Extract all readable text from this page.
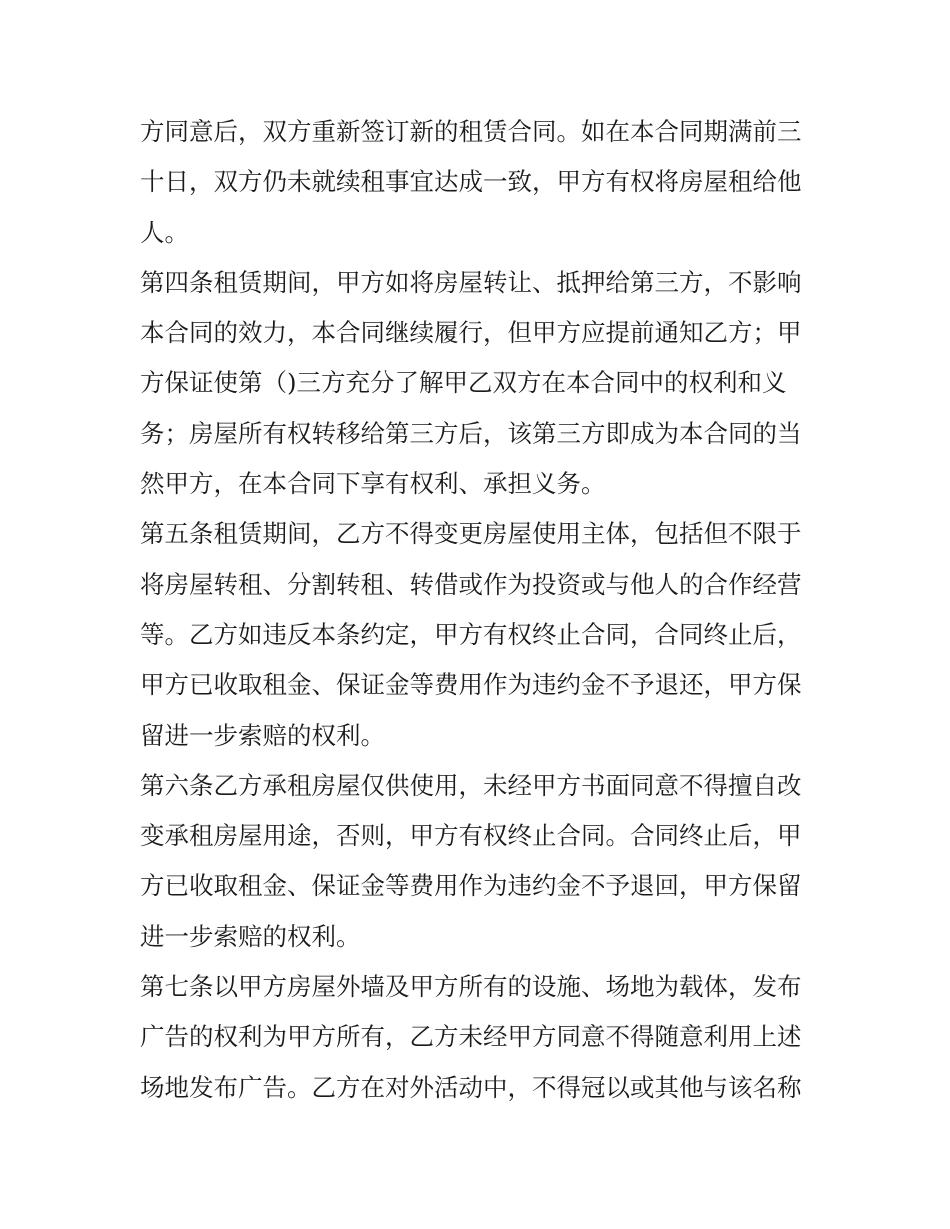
方同意后，双方重新签订新的租赁合同。如在本合同期满前三
十日，双方仍未就续租事宜达成一致，甲方有权将房屋租给他
人。
第四条租赁期间，甲方如将房屋转让、抵押给第三方，不影响
本合同的效力，本合同继续履行，但甲方应提前通知乙方；甲
方保证使第（)三方充分了解甲乙双方在本合同中的权利和义
务；房屋所有权转移给第三方后，该第三方即成为本合同的当
然甲方，在本合同下享有权利、承担义务。
第五条租赁期间，乙方不得变更房屋使用主体，包括但不限于
将房屋转租、分割转租、转借或作为投资或与他人的合作经营
等。乙方如违反本条约定，甲方有权终止合同，合同终止后，
甲方已收取租金、保证金等费用作为违约金不予退还，甲方保
留进一步索赔的权利。
第六条乙方承租房屋仅供使用，未经甲方书面同意不得擅自改
变承租房屋用途，否则，甲方有权终止合同。合同终止后，甲
方已收取租金、保证金等费用作为违约金不予退回，甲方保留
进一步索赔的权利。
第七条以甲方房屋外墙及甲方所有的设施、场地为载体，发布
广告的权利为甲方所有，乙方未经甲方同意不得随意利用上述
场地发布广告。乙方在对外活动中，不得冠以或其他与该名称
